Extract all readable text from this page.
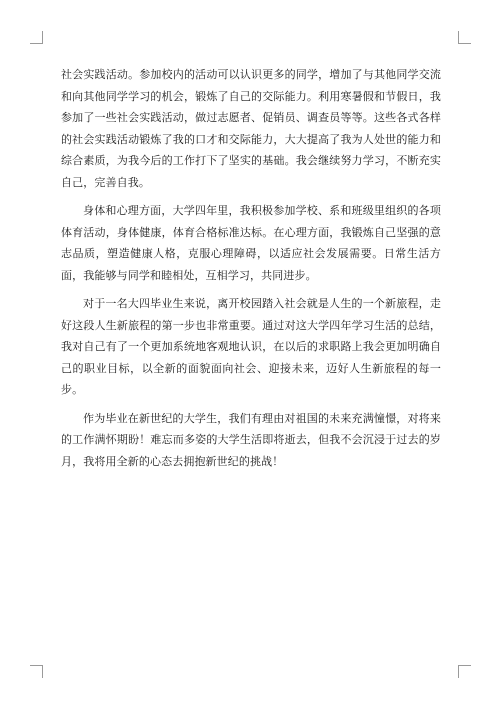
社会实践活动。参加校内的活动可以认识更多的同学，增加了与其他同学交流和向其他同学学习的机会，锻炼了自己的交际能力。利用寒暑假和节假日，我参加了一些社会实践活动，做过志愿者、促销员、调查员等等。这些各式各样的社会实践活动锻炼了我的口才和交际能力，大大提高了我为人处世的能力和综合素质，为我今后的工作打下了坚实的基础。我会继续努力学习，不断充实自己，完善自我。

身体和心理方面，大学四年里，我积极参加学校、系和班级里组织的各项体育活动，身体健康，体育合格标准达标。在心理方面，我锻炼自己坚强的意志品质，塑造健康人格，克服心理障碍，以适应社会发展需要。日常生活方面，我能够与同学和睦相处，互相学习，共同进步。

对于一名大四毕业生来说，离开校园踏入社会就是人生的一个新旅程，走好这段人生新旅程的第一步也非常重要。通过对这大学四年学习生活的总结，我对自己有了一个更加系统地客观地认识，在以后的求职路上我会更加明确自己的职业目标，以全新的面貌面向社会、迎接未来，迈好人生新旅程的每一步。

作为毕业在新世纪的大学生，我们有理由对祖国的未来充满憧憬，对将来的工作满怀期盼！难忘而多姿的大学生活即将逝去，但我不会沉浸于过去的岁月，我将用全新的心态去拥抱新世纪的挑战！
